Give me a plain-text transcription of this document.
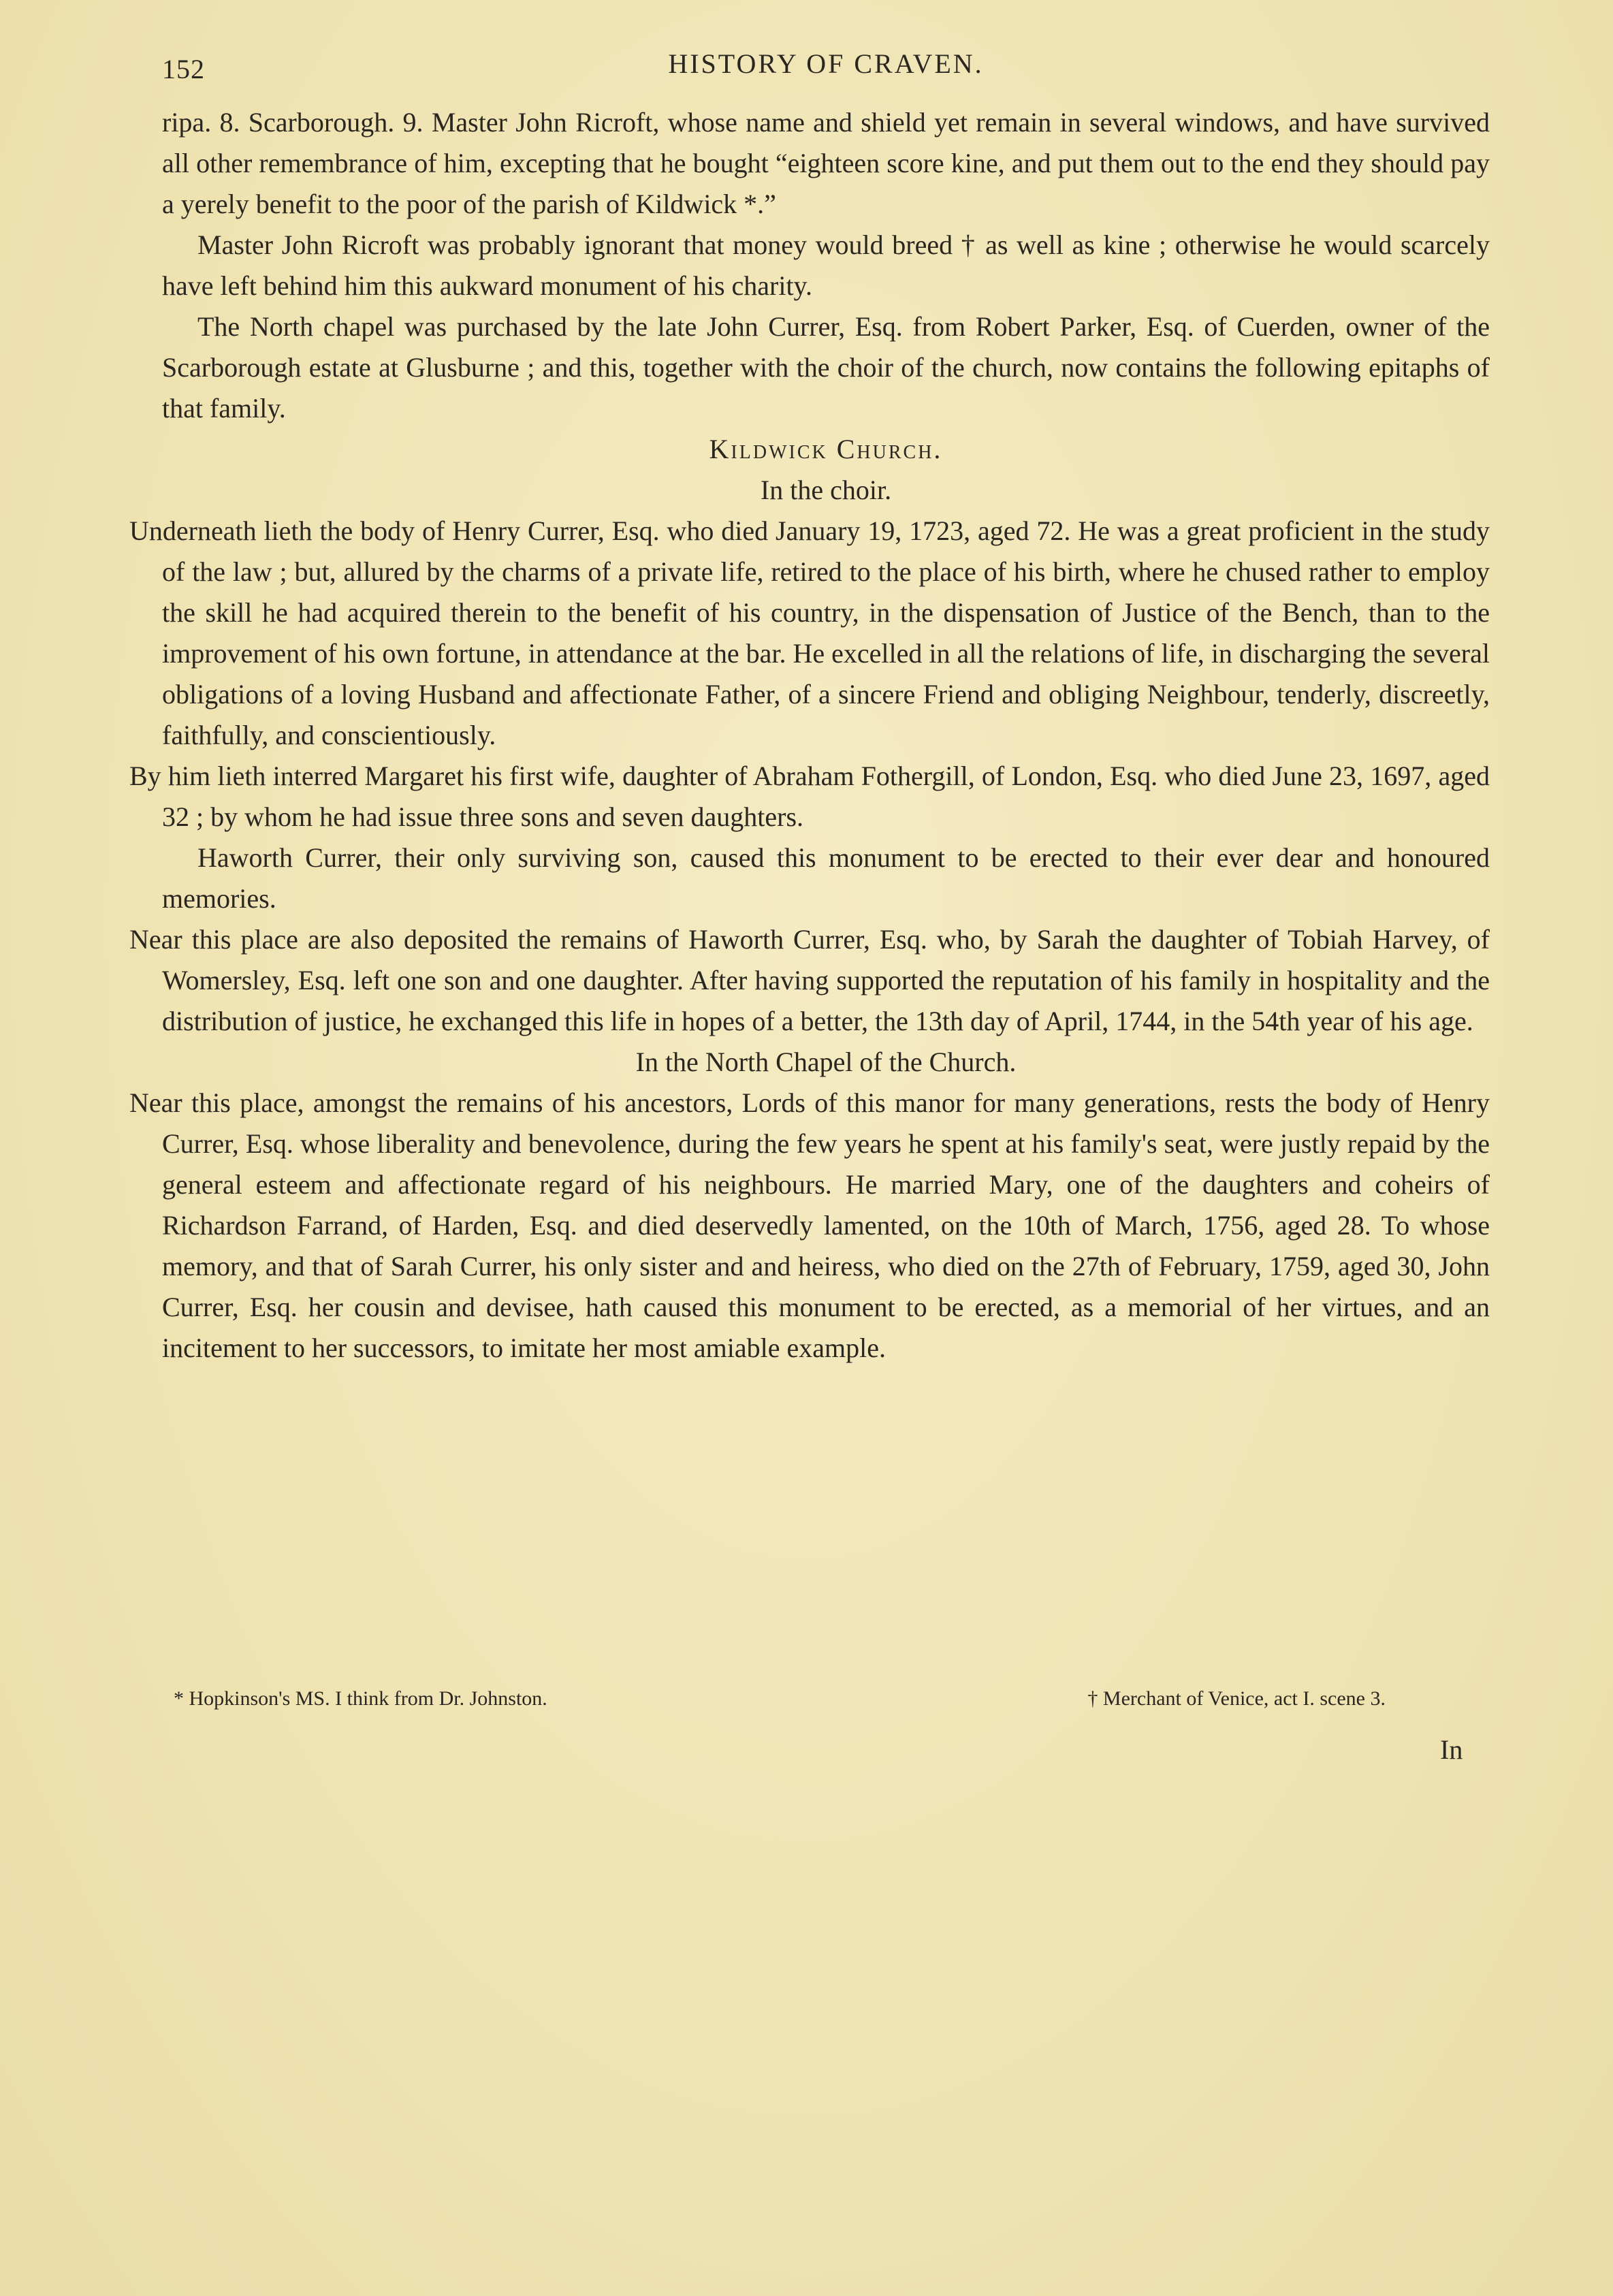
152	HISTORY OF CRAVEN.

ripa. 8. Scarborough. 9. Master John Ricroft, whose name and shield yet remain in several windows, and have survived all other remembrance of him, excepting that he bought “eighteen score kine, and put them out to the end they should pay a yerely benefit to the poor of the parish of Kildwick *.”

Master John Ricroft was probably ignorant that money would breed † as well as kine ; otherwise he would scarcely have left behind him this aukward monument of his charity.

The North chapel was purchased by the late John Currer, Esq. from Robert Parker, Esq. of Cuerden, owner of the Scarborough estate at Glusburne ; and this, together with the choir of the church, now contains the following epitaphs of that family.

Kildwick Church.

In the choir.

Underneath lieth the body of Henry Currer, Esq. who died January 19, 1723, aged 72. He was a great proficient in the study of the law ; but, allured by the charms of a private life, retired to the place of his birth, where he chused rather to employ the skill he had acquired therein to the benefit of his country, in the dispensation of Justice of the Bench, than to the improvement of his own fortune, in attendance at the bar. He excelled in all the relations of life, in discharging the several obligations of a loving Husband and affectionate Father, of a sincere Friend and obliging Neighbour, tenderly, discreetly, faithfully, and conscientiously.

By him lieth interred Margaret his first wife, daughter of Abraham Fothergill, of London, Esq. who died June 23, 1697, aged 32 ; by whom he had issue three sons and seven daughters.

Haworth Currer, their only surviving son, caused this monument to be erected to their ever dear and honoured memories.

Near this place are also deposited the remains of Haworth Currer, Esq. who, by Sarah the daughter of Tobiah Harvey, of Womersley, Esq. left one son and one daughter. After having supported the reputation of his family in hospitality and the distribution of justice, he exchanged this life in hopes of a better, the 13th day of April, 1744, in the 54th year of his age.

In the North Chapel of the Church.

Near this place, amongst the remains of his ancestors, Lords of this manor for many generations, rests the body of Henry Currer, Esq. whose liberality and benevolence, during the few years he spent at his family's seat, were justly repaid by the general esteem and affectionate regard of his neighbours. He married Mary, one of the daughters and coheirs of Richardson Farrand, of Harden, Esq. and died deservedly lamented, on the 10th of March, 1756, aged 28. To whose memory, and that of Sarah Currer, his only sister and and heiress, who died on the 27th of February, 1759, aged 30, John Currer, Esq. her cousin and devisee, hath caused this monument to be erected, as a memorial of her virtues, and an incitement to her successors, to imitate her most amiable example.

* Hopkinson's MS. I think from Dr. Johnston.	† Merchant of Venice, act I. scene 3.
In
